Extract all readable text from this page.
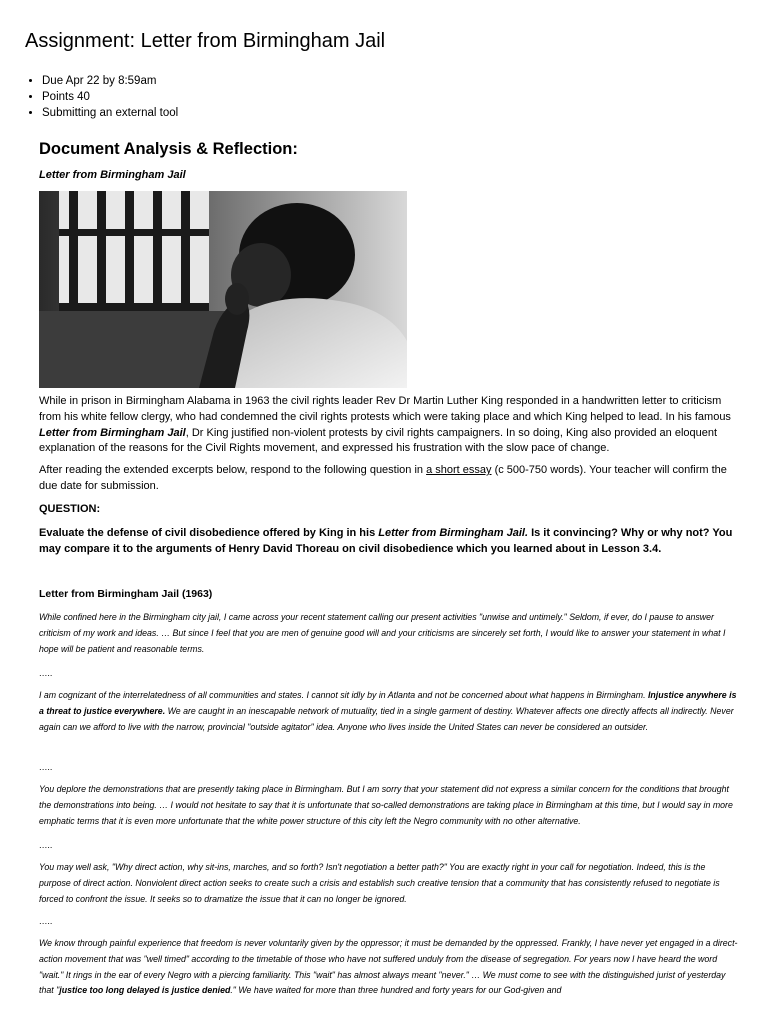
Assignment: Letter from Birmingham Jail
• Due Apr 22 by 8:59am
• Points 40
• Submitting an external tool
Document Analysis & Reflection:
Letter from Birmingham Jail

While in prison in Birmingham Alabama in 1963 the civil rights leader Rev Dr Martin Luther King responded in a handwritten letter to criticism from his white fellow clergy, who had condemned the civil rights protests which were taking place and which King helped to lead. In his famous Letter from Birmingham Jail, Dr King justified non-violent protests by civil rights campaigners. In so doing, King also provided an eloquent explanation of the reasons for the Civil Rights movement, and expressed his frustration with the slow pace of change.

After reading the extended excerpts below, respond to the following question in a short essay (c 500-750 words). Your teacher will confirm the due date for submission.

QUESTION:

Evaluate the defense of civil disobedience offered by King in his Letter from Birmingham Jail. Is it convincing? Why or why not? You may compare it to the arguments of Henry David Thoreau on civil disobedience which you learned about in Lesson 3.4.

Letter from Birmingham Jail (1963)

While confined here in the Birmingham city jail, I came across your recent statement calling our present activities "unwise and untimely." Seldom, if ever, do I pause to answer criticism of my work and ideas. … But since I feel that you are men of genuine good will and your criticisms are sincerely set forth, I would like to answer your statement in what I hope will be patient and reasonable terms.

…..

I am cognizant of the interrelatedness of all communities and states. I cannot sit idly by in Atlanta and not be concerned about what happens in Birmingham. Injustice anywhere is a threat to justice everywhere. We are caught in an inescapable network of mutuality, tied in a single garment of destiny. Whatever affects one directly affects all indirectly. Never again can we afford to live with the narrow, provincial "outside agitator" idea. Anyone who lives inside the United States can never be considered an outsider.

…..

You deplore the demonstrations that are presently taking place in Birmingham. But I am sorry that your statement did not express a similar concern for the conditions that brought the demonstrations into being. … I would not hesitate to say that it is unfortunate that so-called demonstrations are taking place in Birmingham at this time, but I would say in more emphatic terms that it is even more unfortunate that the white power structure of this city left the Negro community with no other alternative.

…..

You may well ask, "Why direct action, why sit-ins, marches, and so forth? Isn't negotiation a better path?" You are exactly right in your call for negotiation. Indeed, this is the purpose of direct action. Nonviolent direct action seeks to create such a crisis and establish such creative tension that a community that has consistently refused to negotiate is forced to confront the issue. It seeks so to dramatize the issue that it can no longer be ignored.

…..

We know through painful experience that freedom is never voluntarily given by the oppressor; it must be demanded by the oppressed. Frankly, I have never yet engaged in a direct-action movement that was "well timed" according to the timetable of those who have not suffered unduly from the disease of segregation. For years now I have heard the word "wait." It rings in the ear of every Negro with a piercing familiarity. This "wait" has almost always meant "never." … We must come to see with the distinguished jurist of yesterday that "justice too long delayed is justice denied." We have waited for more than three hundred and forty years for our God-given and
